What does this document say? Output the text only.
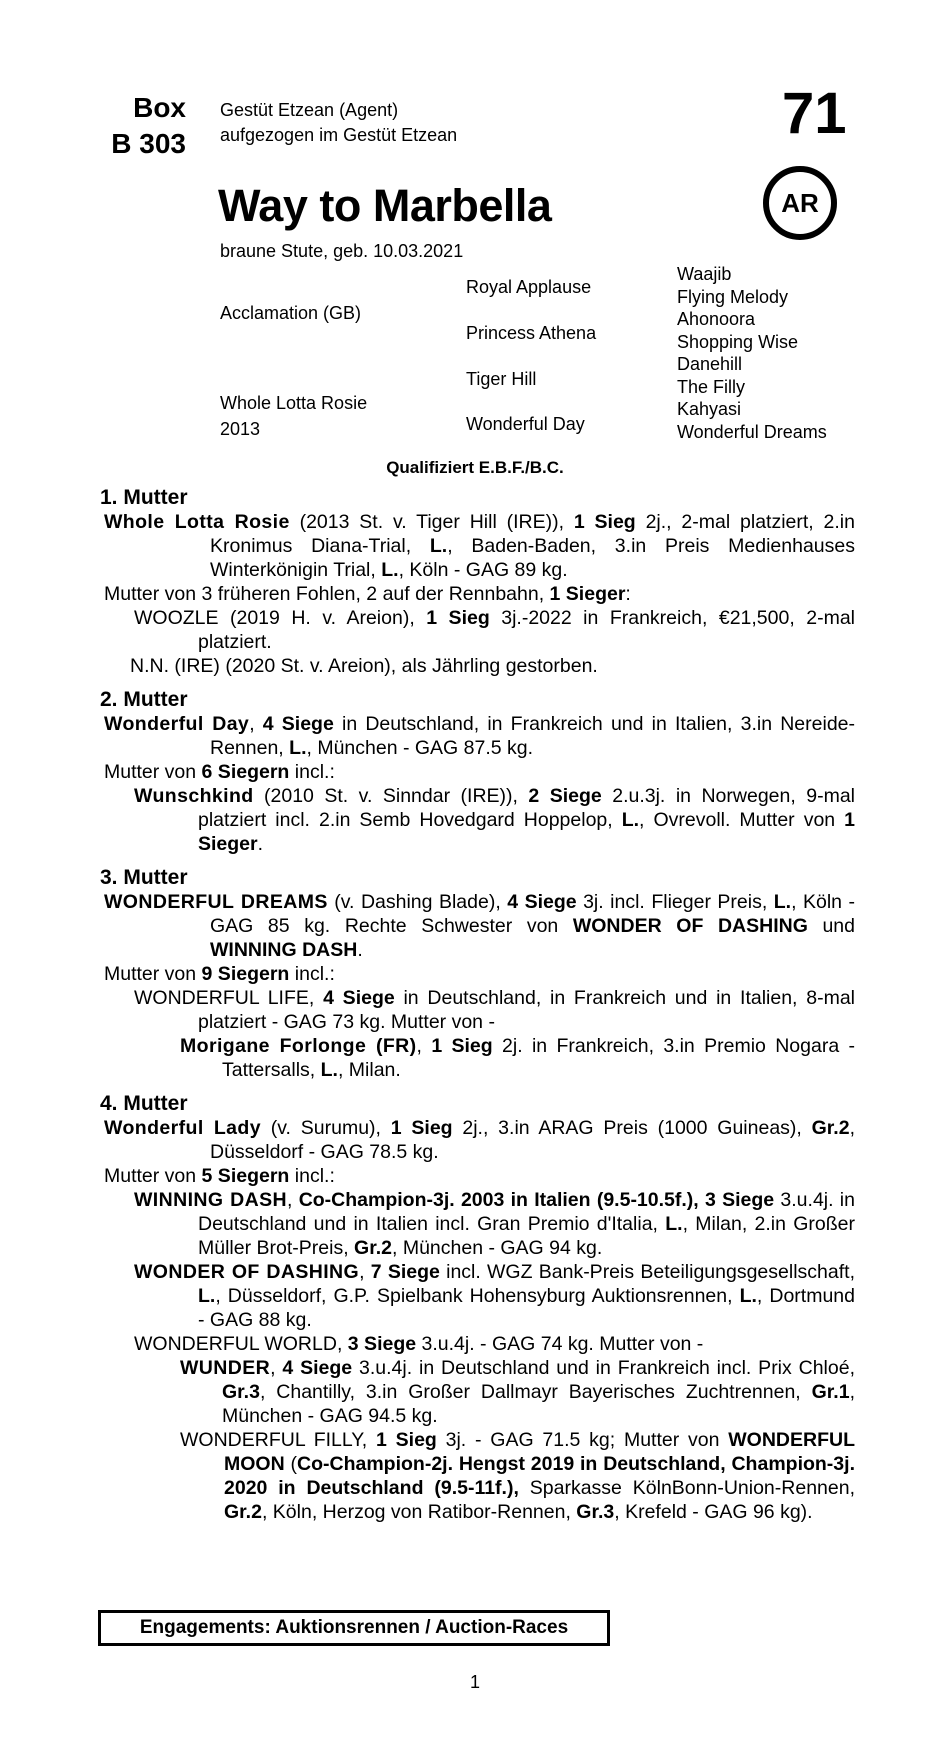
Box
B 303
Gestüt Etzean (Agent)
aufgezogen im Gestüt Etzean	71
Way to Marbella	AR
braune Stute, geb. 10.03.2021
Acclamation (GB)
Whole Lotta Rosie
2013
Royal Applause
Princess Athena
Tiger Hill
Wonderful Day
Waajib
Flying Melody
Ahonoora
Shopping Wise
Danehill
The Filly
Kahyasi
Wonderful Dreams
Qualifiziert E.B.F./B.C.
1. Mutter

Whole Lotta Rosie (2013 St. v. Tiger Hill (IRE)), 1 Sieg 2j., 2-mal platziert, 2.in Kronimus Diana-Trial, L., Baden-Baden, 3.in Preis Medienhauses Winterkönigin Trial, L., Köln - GAG 89 kg.

Mutter von 3 früheren Fohlen, 2 auf der Rennbahn, 1 Sieger:

WOOZLE (2019 H. v. Areion), 1 Sieg 3j.-2022 in Frankreich, €21,500, 2-mal platziert.

N.N. (IRE) (2020 St. v. Areion), als Jährling gestorben.

2. Mutter

Wonderful Day, 4 Siege in Deutschland, in Frankreich und in Italien, 3.in Nereide-Rennen, L., München - GAG 87.5 kg.

Mutter von 6 Siegern incl.:

Wunschkind (2010 St. v. Sinndar (IRE)), 2 Siege 2.u.3j. in Norwegen, 9-mal platziert incl. 2.in Semb Hovedgard Hoppelop, L., Ovrevoll. Mutter von 1 Sieger.

3. Mutter

WONDERFUL DREAMS (v. Dashing Blade), 4 Siege 3j. incl. Flieger Preis, L., Köln - GAG 85 kg. Rechte Schwester von WONDER OF DASHING und WINNING DASH.

Mutter von 9 Siegern incl.:

WONDERFUL LIFE, 4 Siege in Deutschland, in Frankreich und in Italien, 8-mal platziert - GAG 73 kg. Mutter von -

Morigane Forlonge (FR), 1 Sieg 2j. in Frankreich, 3.in Premio Nogara - Tattersalls, L., Milan.

4. Mutter

Wonderful Lady (v. Surumu), 1 Sieg 2j., 3.in ARAG Preis (1000 Guineas), Gr.2, Düsseldorf - GAG 78.5 kg.

Mutter von 5 Siegern incl.:

WINNING DASH, Co-Champion-3j. 2003 in Italien (9.5-10.5f.), 3 Siege 3.u.4j. in Deutschland und in Italien incl. Gran Premio d'Italia, L., Milan, 2.in Großer Müller Brot-Preis, Gr.2, München - GAG 94 kg.

WONDER OF DASHING, 7 Siege incl. WGZ Bank-Preis Beteiligungsgesellschaft, L., Düsseldorf, G.P. Spielbank Hohensyburg Auktionsrennen, L., Dortmund - GAG 88 kg.

WONDERFUL WORLD, 3 Siege 3.u.4j. - GAG 74 kg. Mutter von -

WUNDER, 4 Siege 3.u.4j. in Deutschland und in Frankreich incl. Prix Chloé, Gr.3, Chantilly, 3.in Großer Dallmayr Bayerisches Zuchtrennen, Gr.1, München - GAG 94.5 kg.

WONDERFUL FILLY, 1 Sieg 3j. - GAG 71.5 kg; Mutter von WONDERFUL MOON (Co-Champion-2j. Hengst 2019 in Deutschland, Champion-3j. 2020 in Deutschland (9.5-11f.), Sparkasse KölnBonn-Union-Rennen, Gr.2, Köln, Herzog von Ratibor-Rennen, Gr.3, Krefeld - GAG 96 kg).

Engagements: Auktionsrennen / Auction-Races
1
